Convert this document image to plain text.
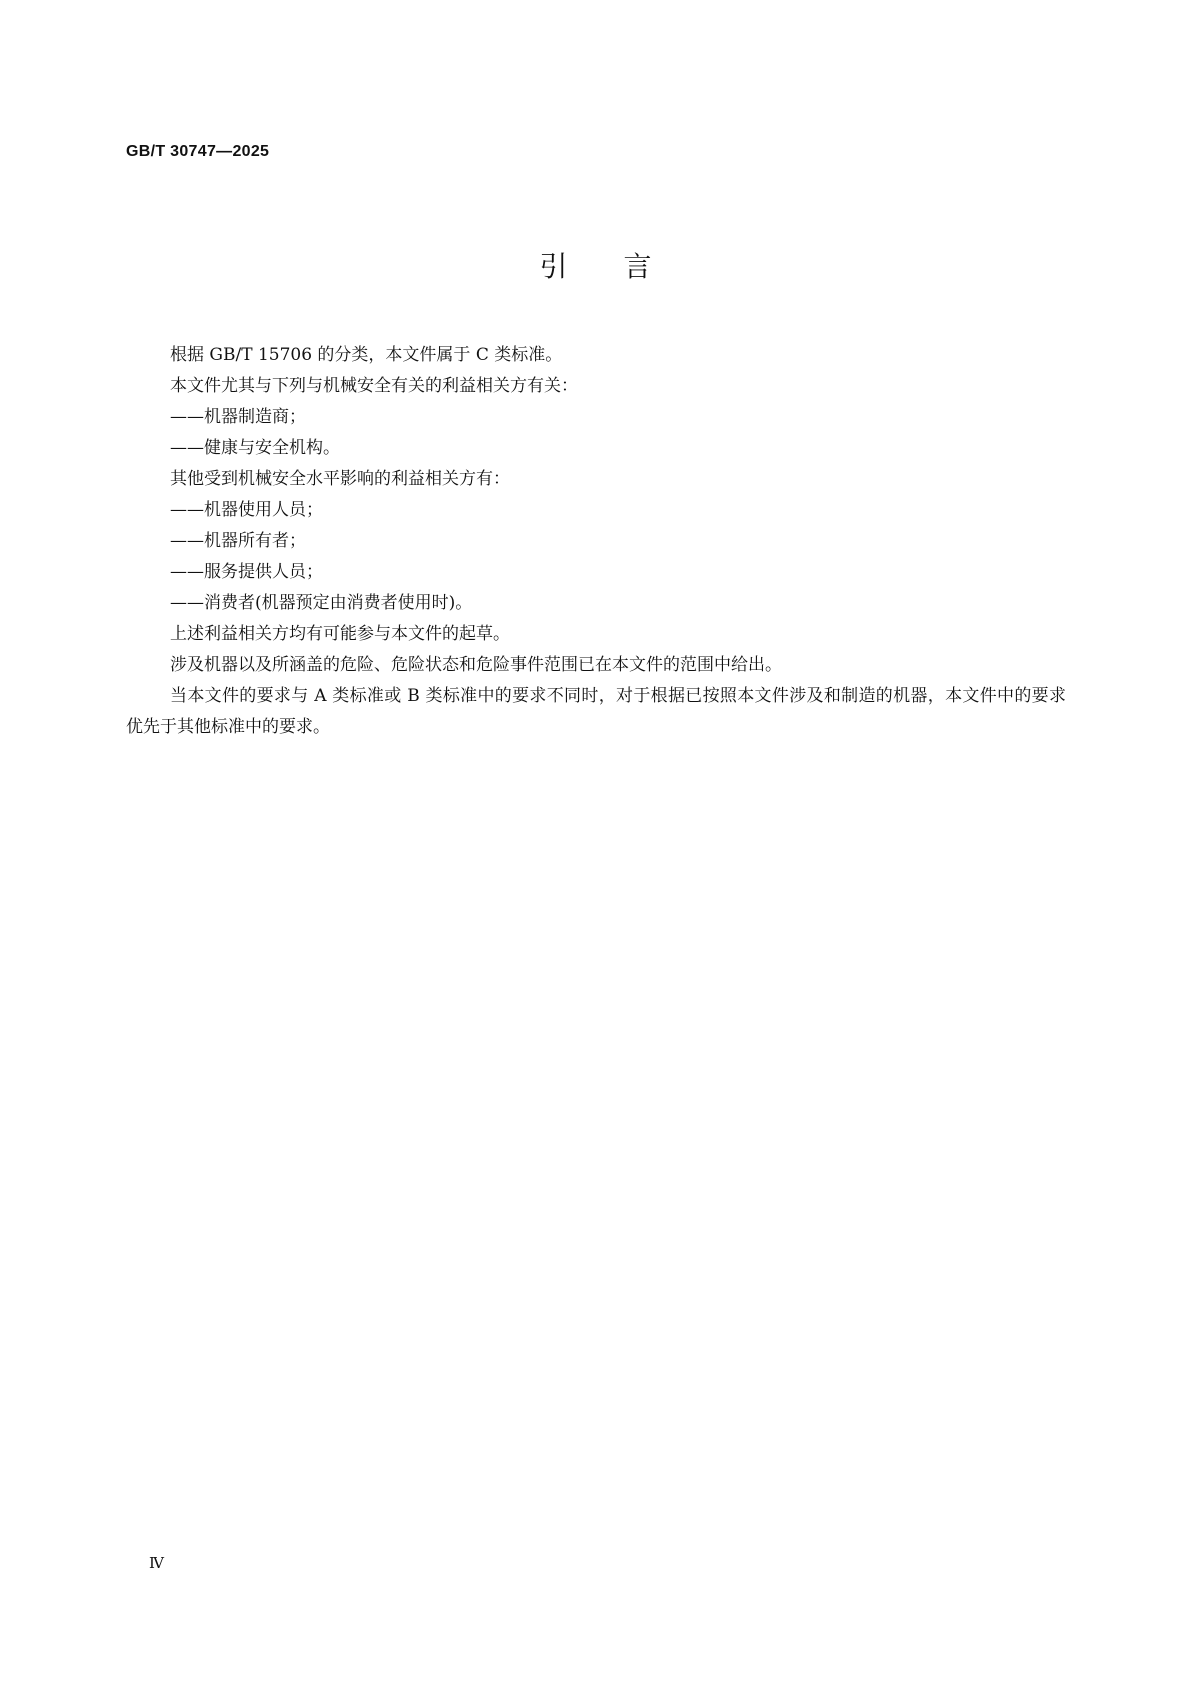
GB/T 30747—2025
引言

根据 GB/T 15706 的分类，本文件属于 C 类标准。

本文件尤其与下列与机械安全有关的利益相关方有关：

——机器制造商；

——健康与安全机构。

其他受到机械安全水平影响的利益相关方有：

——机器使用人员；

——机器所有者；

——服务提供人员；

——消费者(机器预定由消费者使用时)。

上述利益相关方均有可能参与本文件的起草。

涉及机器以及所涵盖的危险、危险状态和危险事件范围已在本文件的范围中给出。

当本文件的要求与 A 类标准或 B 类标准中的要求不同时，对于根据已按照本文件涉及和制造的机器，本文件中的要求优先于其他标准中的要求。

Ⅳ
